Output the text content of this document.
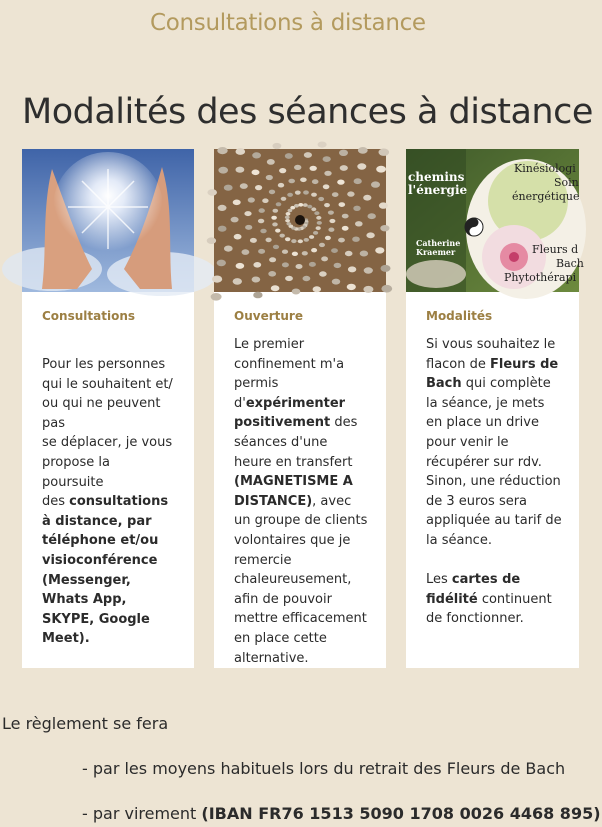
Consultations à distance
Modalités des séances à distance
Consultations

Pour les personnes
qui le souhaitent et/
ou qui ne peuvent pas
se déplacer, je vous
propose la poursuite
des consultations à distance, par téléphone et/ou visioconférence (Messenger, Whats App, SKYPE, Google Meet).

Ouverture

Le premier confinement m'a permis d'expérimenter positivement des séances d'une heure en transfert (MAGNETISME A DISTANCE), avec un groupe de clients volontaires que je remercie chaleureusement, afin de pouvoir mettre efficacement en place cette alternative.

chemins
l'énergie
Catherine
Kraemer
Kinésiologi
Soin
énergétique
Fleurs d
Bach
Phytothérapi
Modalités

Si vous souhaitez le flacon de Fleurs de Bach qui complète la séance, je mets en place un drive pour venir le récupérer sur rdv. Sinon, une réduction de 3 euros sera appliquée au tarif de la séance.

Les cartes de fidélité continuent de fonctionner.

Le règlement se fera
- par les moyens habituels lors du retrait des Fleurs de Bach
- par virement (IBAN FR76 1513 5090 1708 0026 4468 895)
